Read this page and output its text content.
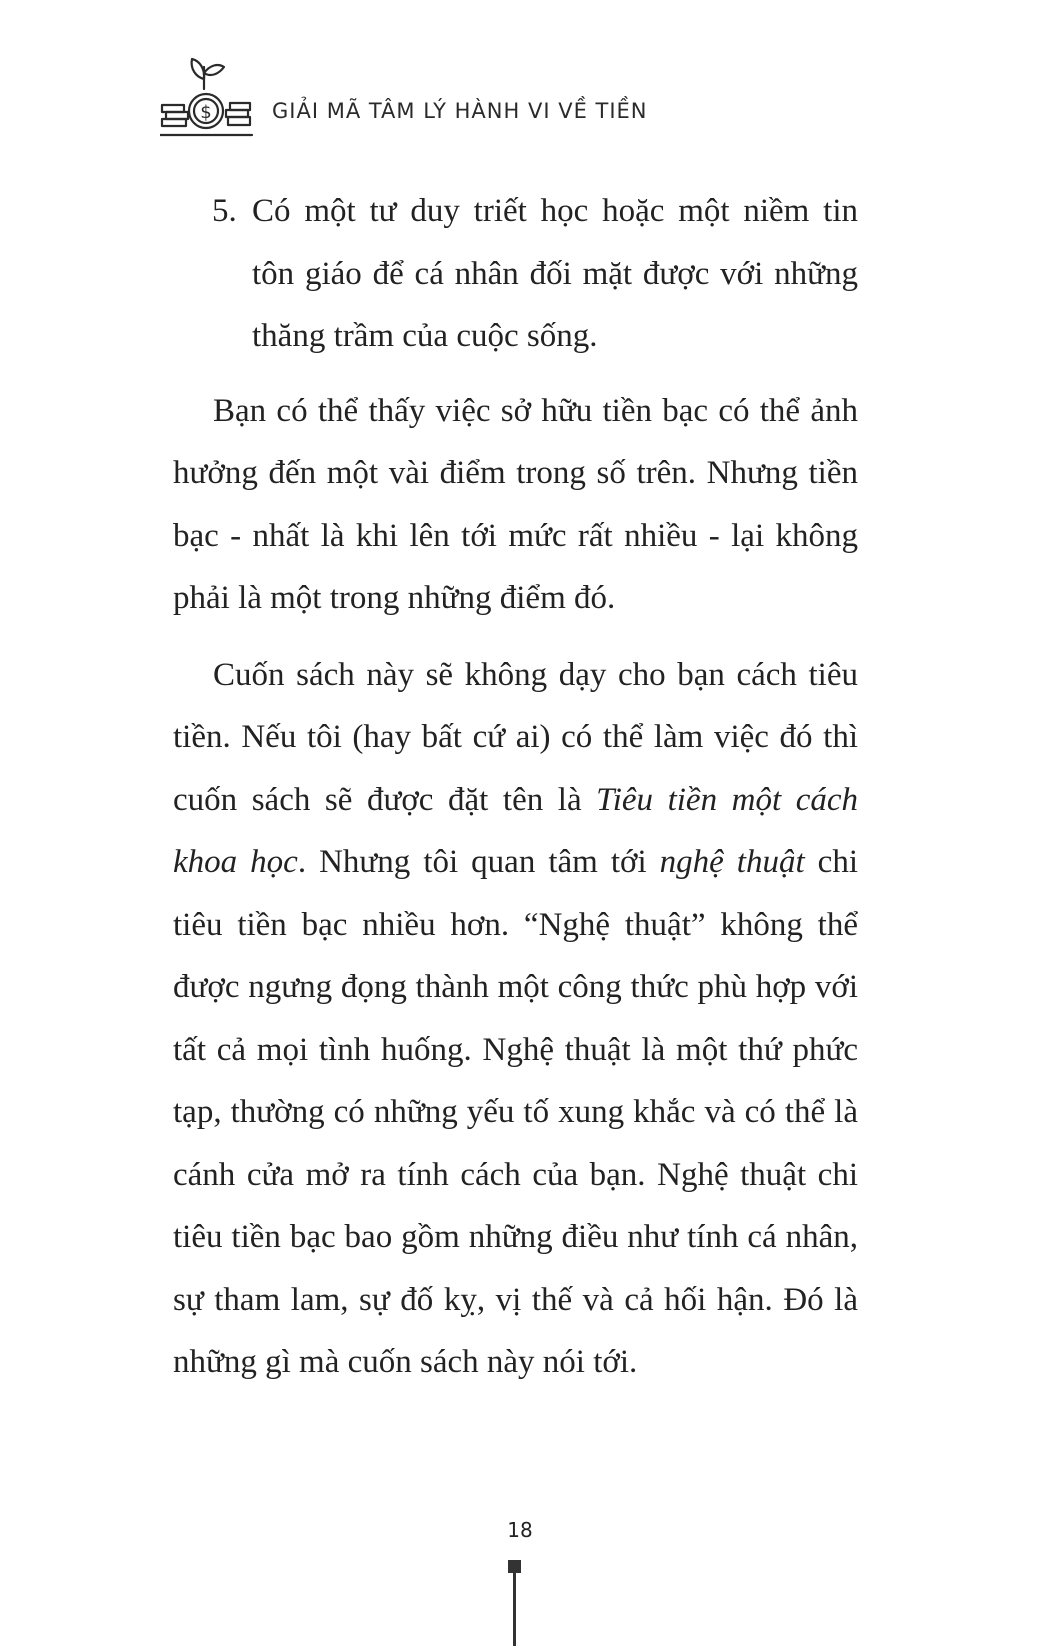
$	GIẢI MÃ TÂM LÝ HÀNH VI VỀ TIỀN
5. Có một tư duy triết học hoặc một niềm tin tôn giáo để cá nhân đối mặt được với những thăng trầm của cuộc sống.

Bạn có thể thấy việc sở hữu tiền bạc có thể ảnh hưởng đến một vài điểm trong số trên. Nhưng tiền bạc - nhất là khi lên tới mức rất nhiều - lại không phải là một trong những điểm đó.

Cuốn sách này sẽ không dạy cho bạn cách tiêu tiền. Nếu tôi (hay bất cứ ai) có thể làm việc đó thì cuốn sách sẽ được đặt tên là Tiêu tiền một cách khoa học. Nhưng tôi quan tâm tới nghệ thuật chi tiêu tiền bạc nhiều hơn. “Nghệ thuật” không thể được ngưng đọng thành một công thức phù hợp với tất cả mọi tình huống. Nghệ thuật là một thứ phức tạp, thường có những yếu tố xung khắc và có thể là cánh cửa mở ra tính cách của bạn. Nghệ thuật chi tiêu tiền bạc bao gồm những điều như tính cá nhân, sự tham lam, sự đố kỵ, vị thế và cả hối hận. Đó là những gì mà cuốn sách này nói tới.

18
